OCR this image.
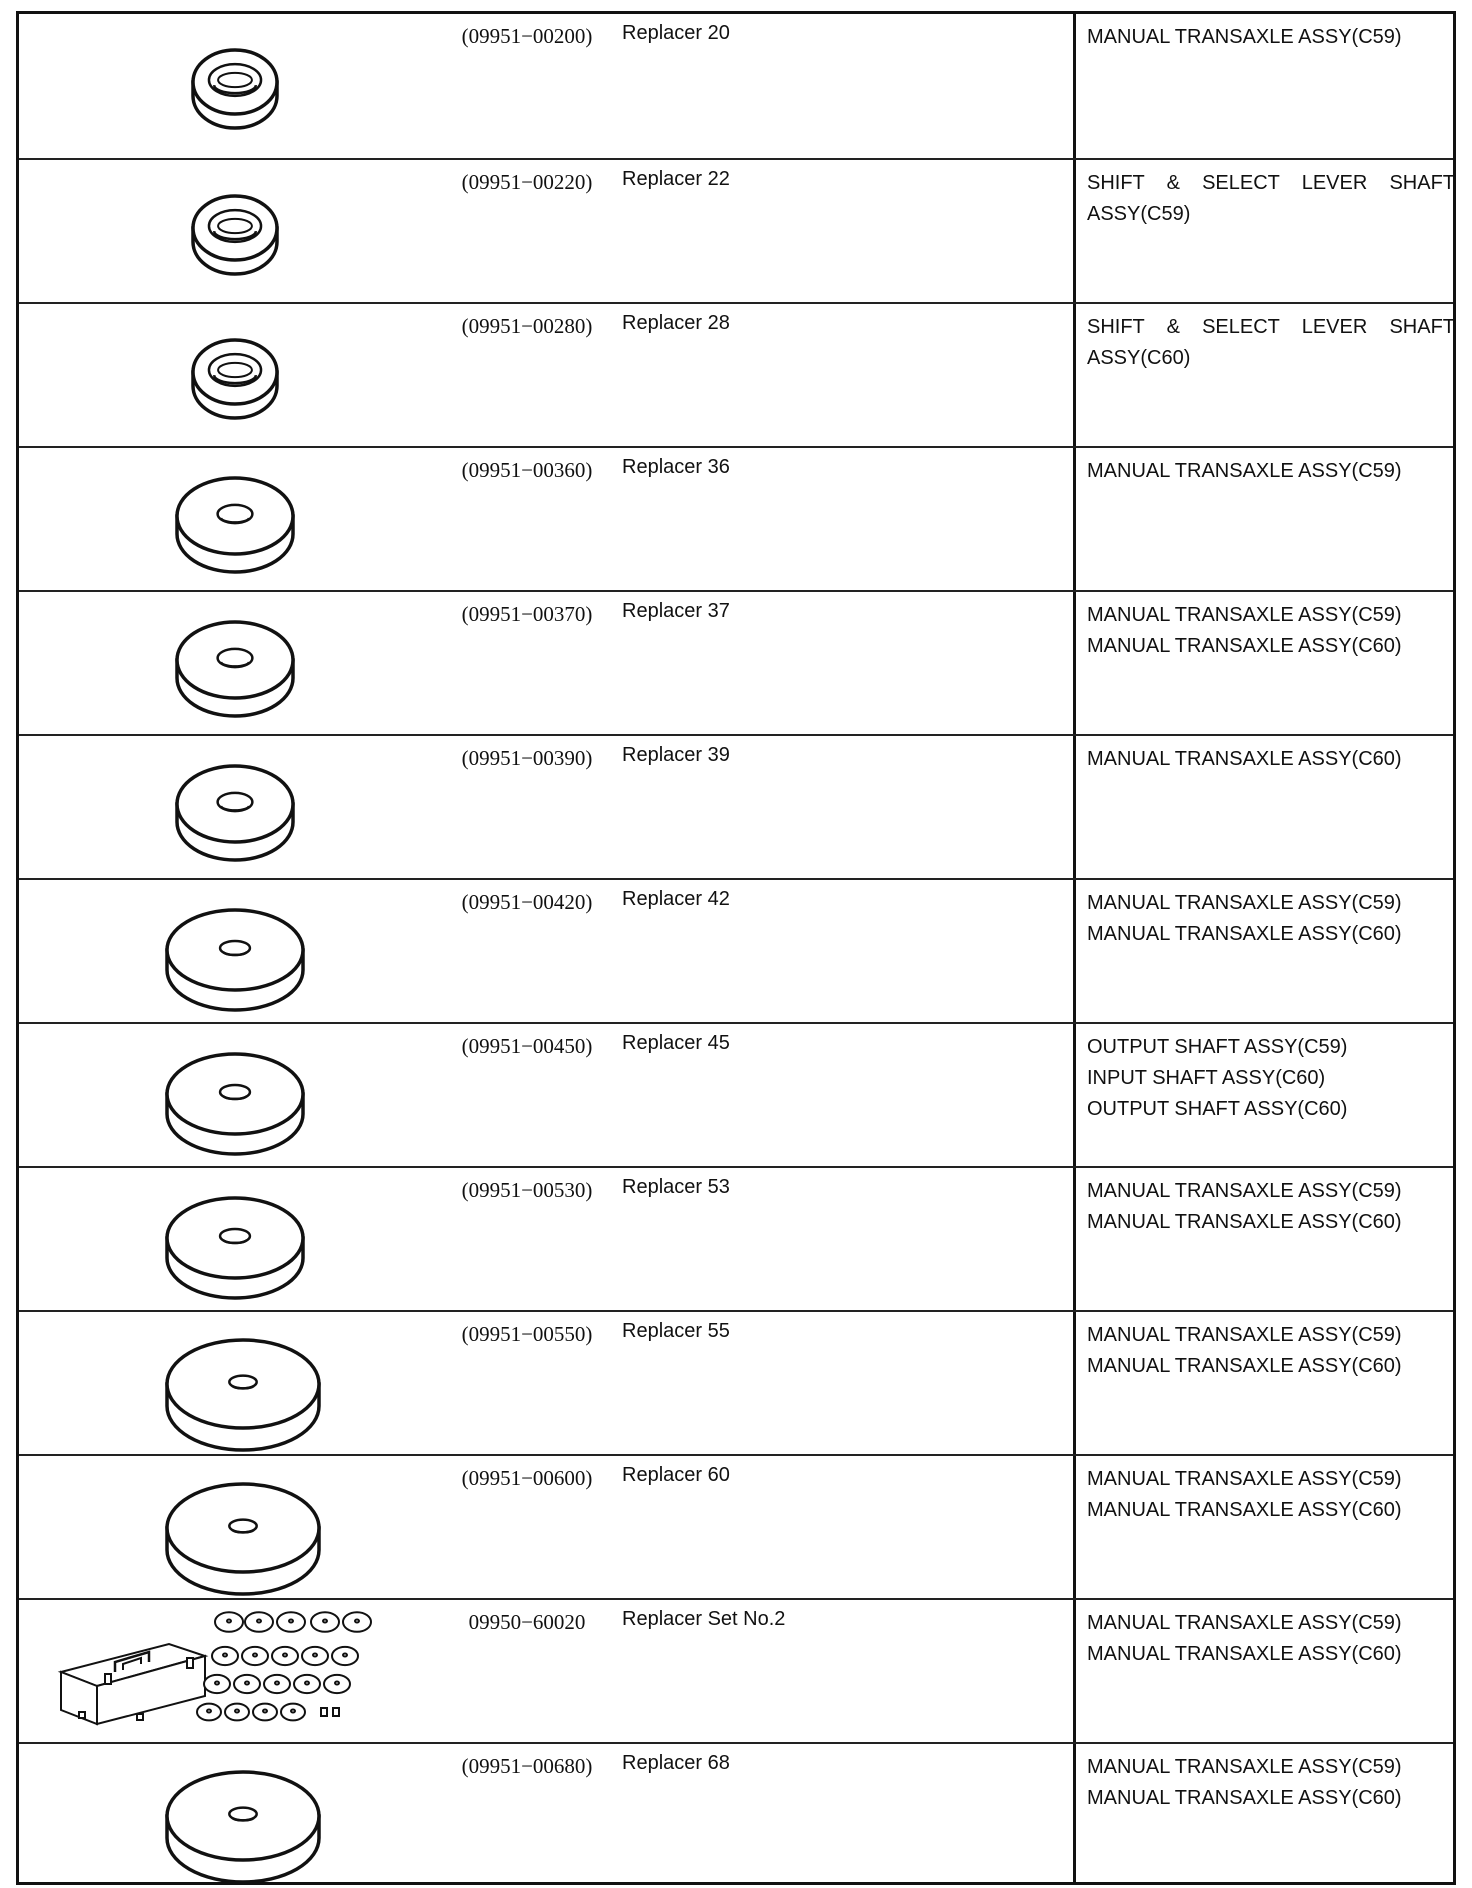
(09951−00200)	Replacer 20	MANUAL TRANSAXLE ASSY(C59)
(09951−00220)	Replacer 22	SHIFT & SELECT LEVER SHAFT
ASSY(C59)
(09951−00280)	Replacer 28	SHIFT & SELECT LEVER SHAFT
ASSY(C60)
(09951−00360)	Replacer 36	MANUAL TRANSAXLE ASSY(C59)
(09951−00370)	Replacer 37	MANUAL TRANSAXLE ASSY(C59)
MANUAL TRANSAXLE ASSY(C60)
(09951−00390)	Replacer 39	MANUAL TRANSAXLE ASSY(C60)
(09951−00420)	Replacer 42	MANUAL TRANSAXLE ASSY(C59)
MANUAL TRANSAXLE ASSY(C60)
(09951−00450)	Replacer 45	OUTPUT SHAFT ASSY(C59)
INPUT SHAFT ASSY(C60)
OUTPUT SHAFT ASSY(C60)
(09951−00530)	Replacer 53	MANUAL TRANSAXLE ASSY(C59)
MANUAL TRANSAXLE ASSY(C60)
(09951−00550)	Replacer 55	MANUAL TRANSAXLE ASSY(C59)
MANUAL TRANSAXLE ASSY(C60)
(09951−00600)	Replacer 60	MANUAL TRANSAXLE ASSY(C59)
MANUAL TRANSAXLE ASSY(C60)
09950−60020	Replacer Set No.2	MANUAL TRANSAXLE ASSY(C59)
MANUAL TRANSAXLE ASSY(C60)
(09951−00680)	Replacer 68	MANUAL TRANSAXLE ASSY(C59)
MANUAL TRANSAXLE ASSY(C60)
